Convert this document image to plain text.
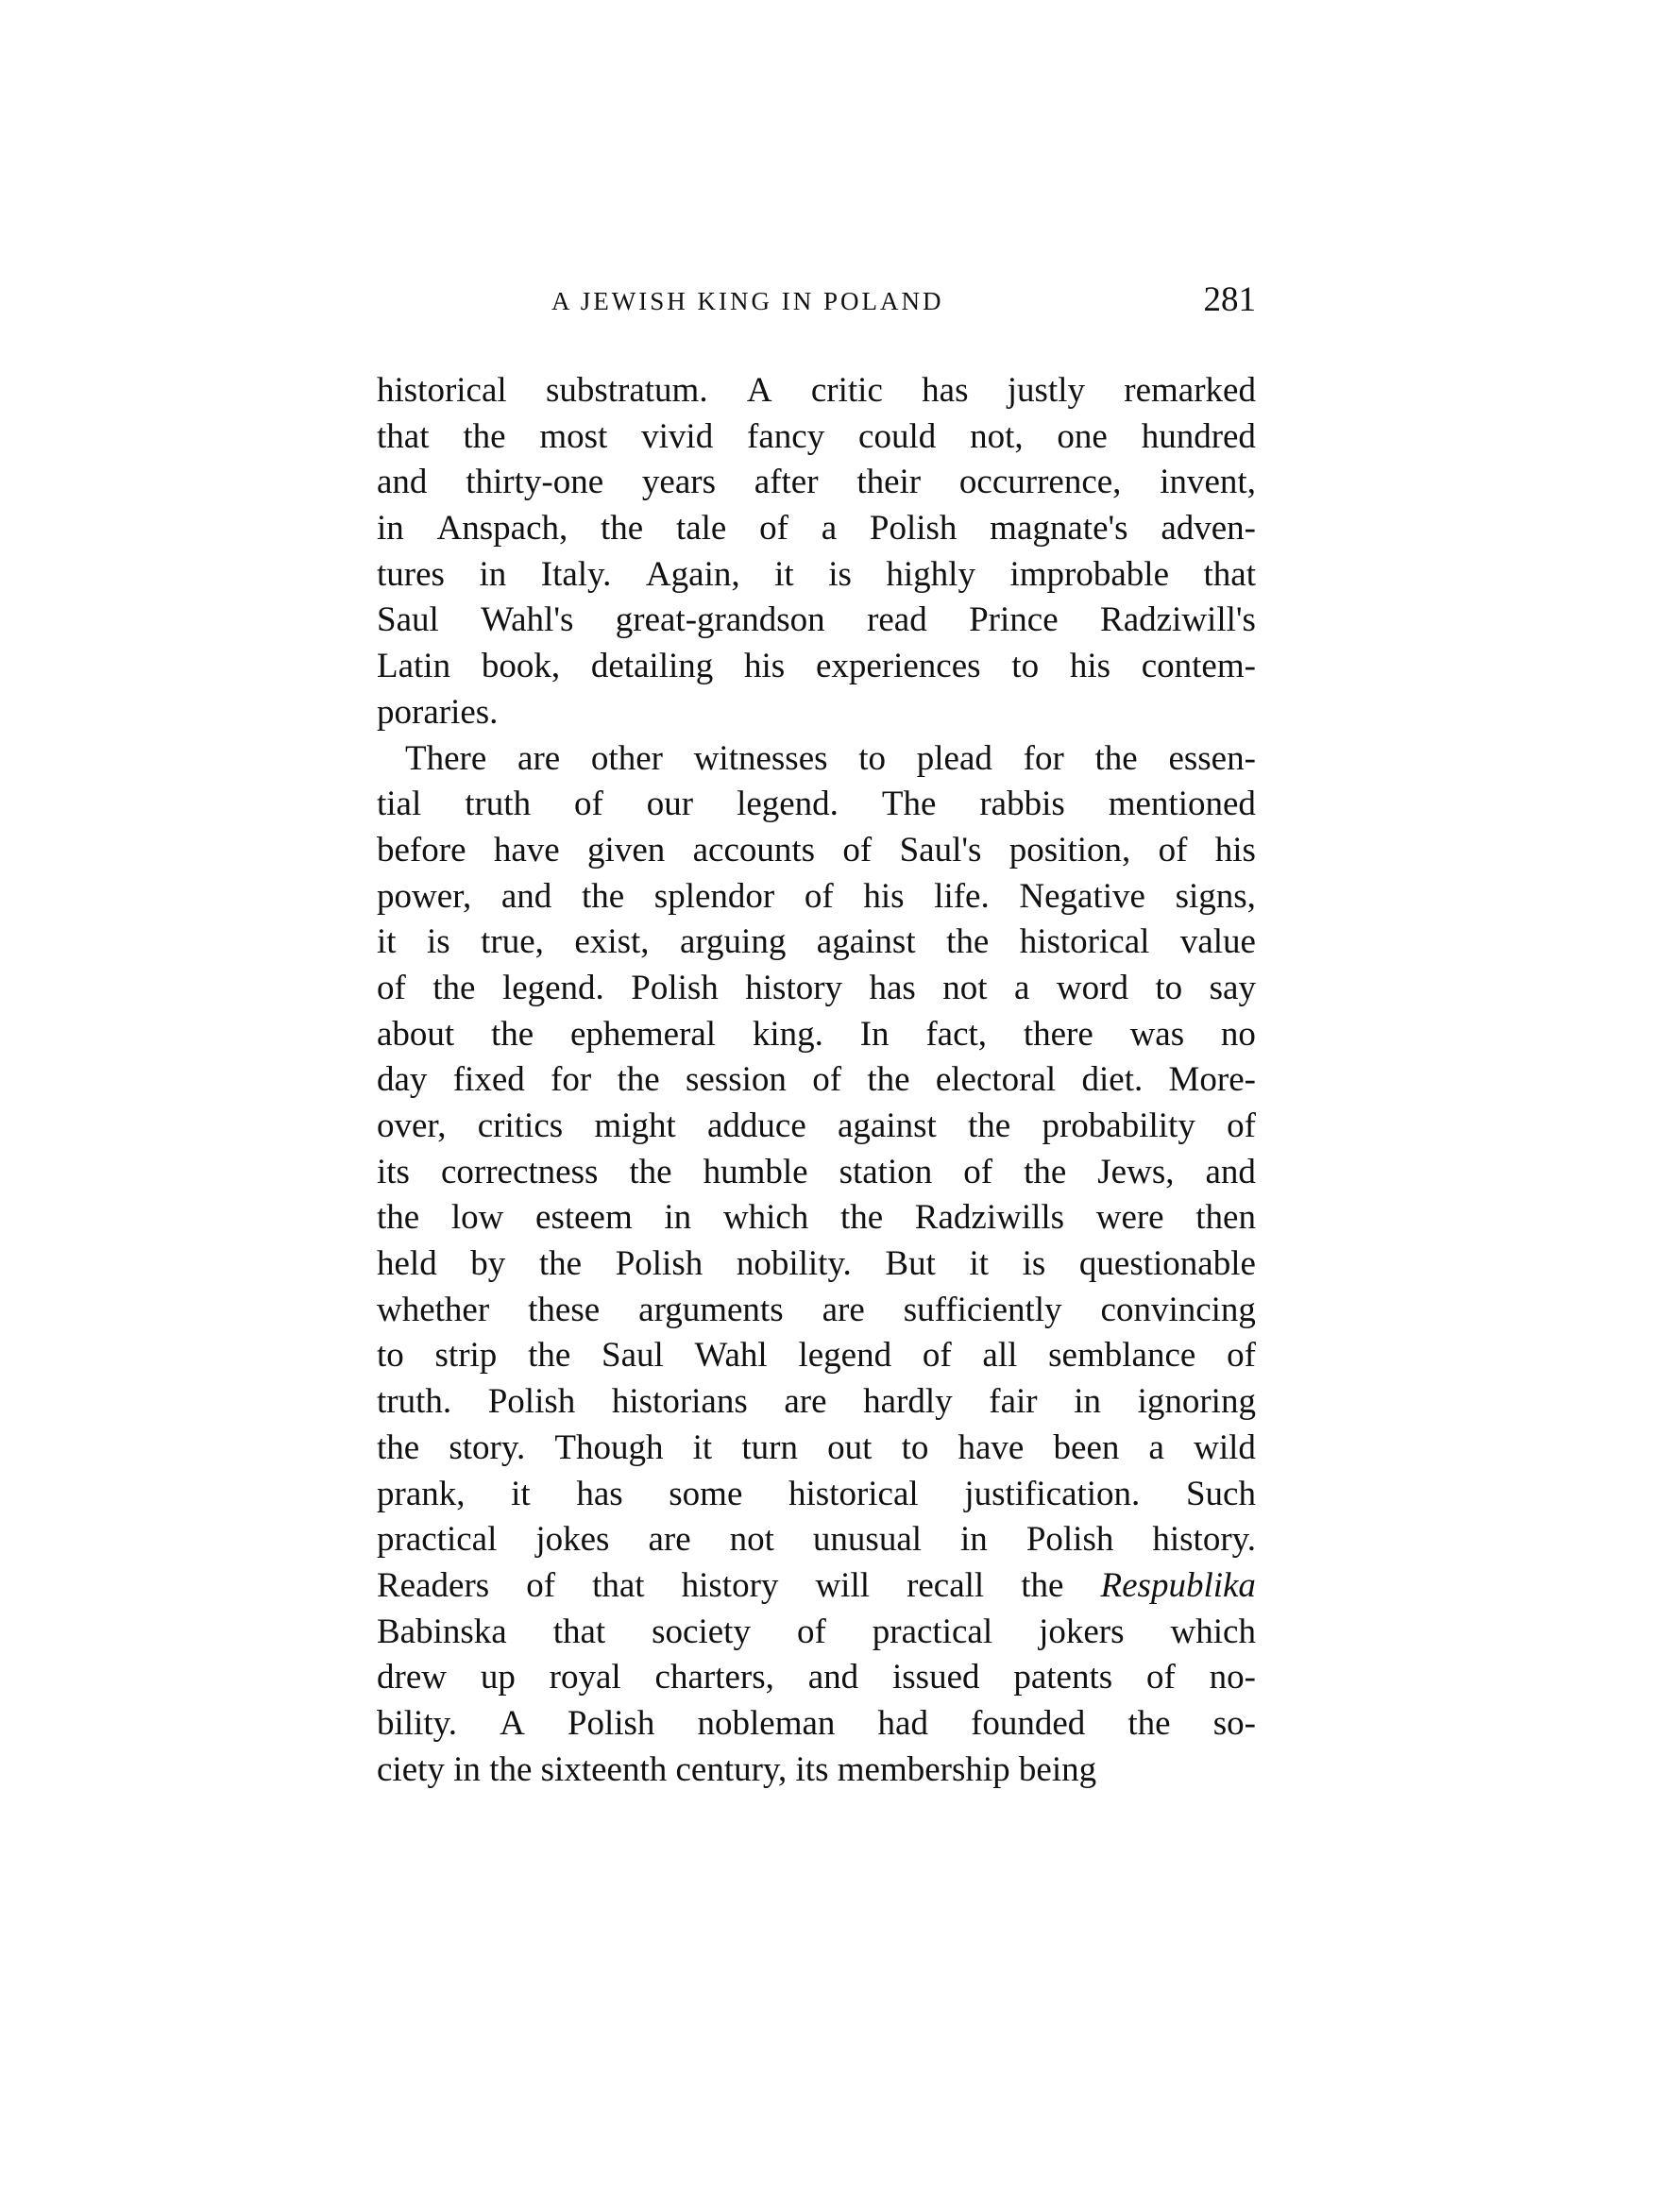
A JEWISH KING IN POLAND	281
historical substratum. A critic has justly remarked
that the most vivid fancy could not, one hundred
and thirty-one years after their occurrence, invent,
in Anspach, the tale of a Polish magnate's adven-
tures in Italy. Again, it is highly improbable that
Saul Wahl's great-grandson read Prince Radziwill's
Latin book, detailing his experiences to his contem-
poraries.
There are other witnesses to plead for the essen-
tial truth of our legend. The rabbis mentioned
before have given accounts of Saul's position, of his
power, and the splendor of his life. Negative signs,
it is true, exist, arguing against the historical value
of the legend. Polish history has not a word to say
about the ephemeral king. In fact, there was no
day fixed for the session of the electoral diet. More-
over, critics might adduce against the probability of
its correctness the humble station of the Jews, and
the low esteem in which the Radziwills were then
held by the Polish nobility. But it is questionable
whether these arguments are sufficiently convincing
to strip the Saul Wahl legend of all semblance of
truth. Polish historians are hardly fair in ignoring
the story. Though it turn out to have been a wild
prank, it has some historical justification. Such
practical jokes are not unusual in Polish history.
Readers of that history will recall the Respublika
Babinska that society of practical jokers which
drew up royal charters, and issued patents of no-
bility. A Polish nobleman had founded the so-
ciety in the sixteenth century, its membership being
